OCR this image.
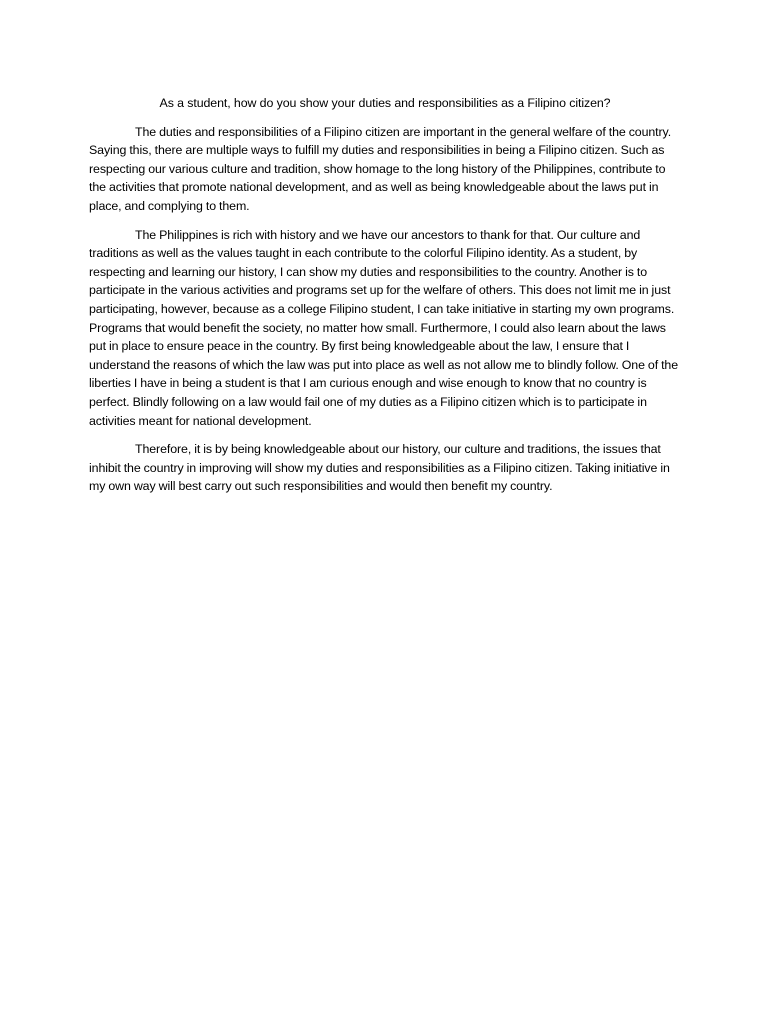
As a student, how do you show your duties and responsibilities as a Filipino citizen?

The duties and responsibilities of a Filipino citizen are important in the general welfare of the country. Saying this, there are multiple ways to fulfill my duties and responsibilities in being a Filipino citizen. Such as respecting our various culture and tradition, show homage to the long history of the Philippines, contribute to the activities that promote national development, and as well as being knowledgeable about the laws put in place, and complying to them.

The Philippines is rich with history and we have our ancestors to thank for that. Our culture and traditions as well as the values taught in each contribute to the colorful Filipino identity. As a student, by respecting and learning our history, I can show my duties and responsibilities to the country. Another is to participate in the various activities and programs set up for the welfare of others. This does not limit me in just participating, however, because as a college Filipino student, I can take initiative in starting my own programs. Programs that would benefit the society, no matter how small. Furthermore, I could also learn about the laws put in place to ensure peace in the country. By first being knowledgeable about the law, I ensure that I understand the reasons of which the law was put into place as well as not allow me to blindly follow. One of the liberties I have in being a student is that I am curious enough and wise enough to know that no country is perfect. Blindly following on a law would fail one of my duties as a Filipino citizen which is to participate in activities meant for national development.

Therefore, it is by being knowledgeable about our history, our culture and traditions, the issues that inhibit the country in improving will show my duties and responsibilities as a Filipino citizen. Taking initiative in my own way will best carry out such responsibilities and would then benefit my country.
